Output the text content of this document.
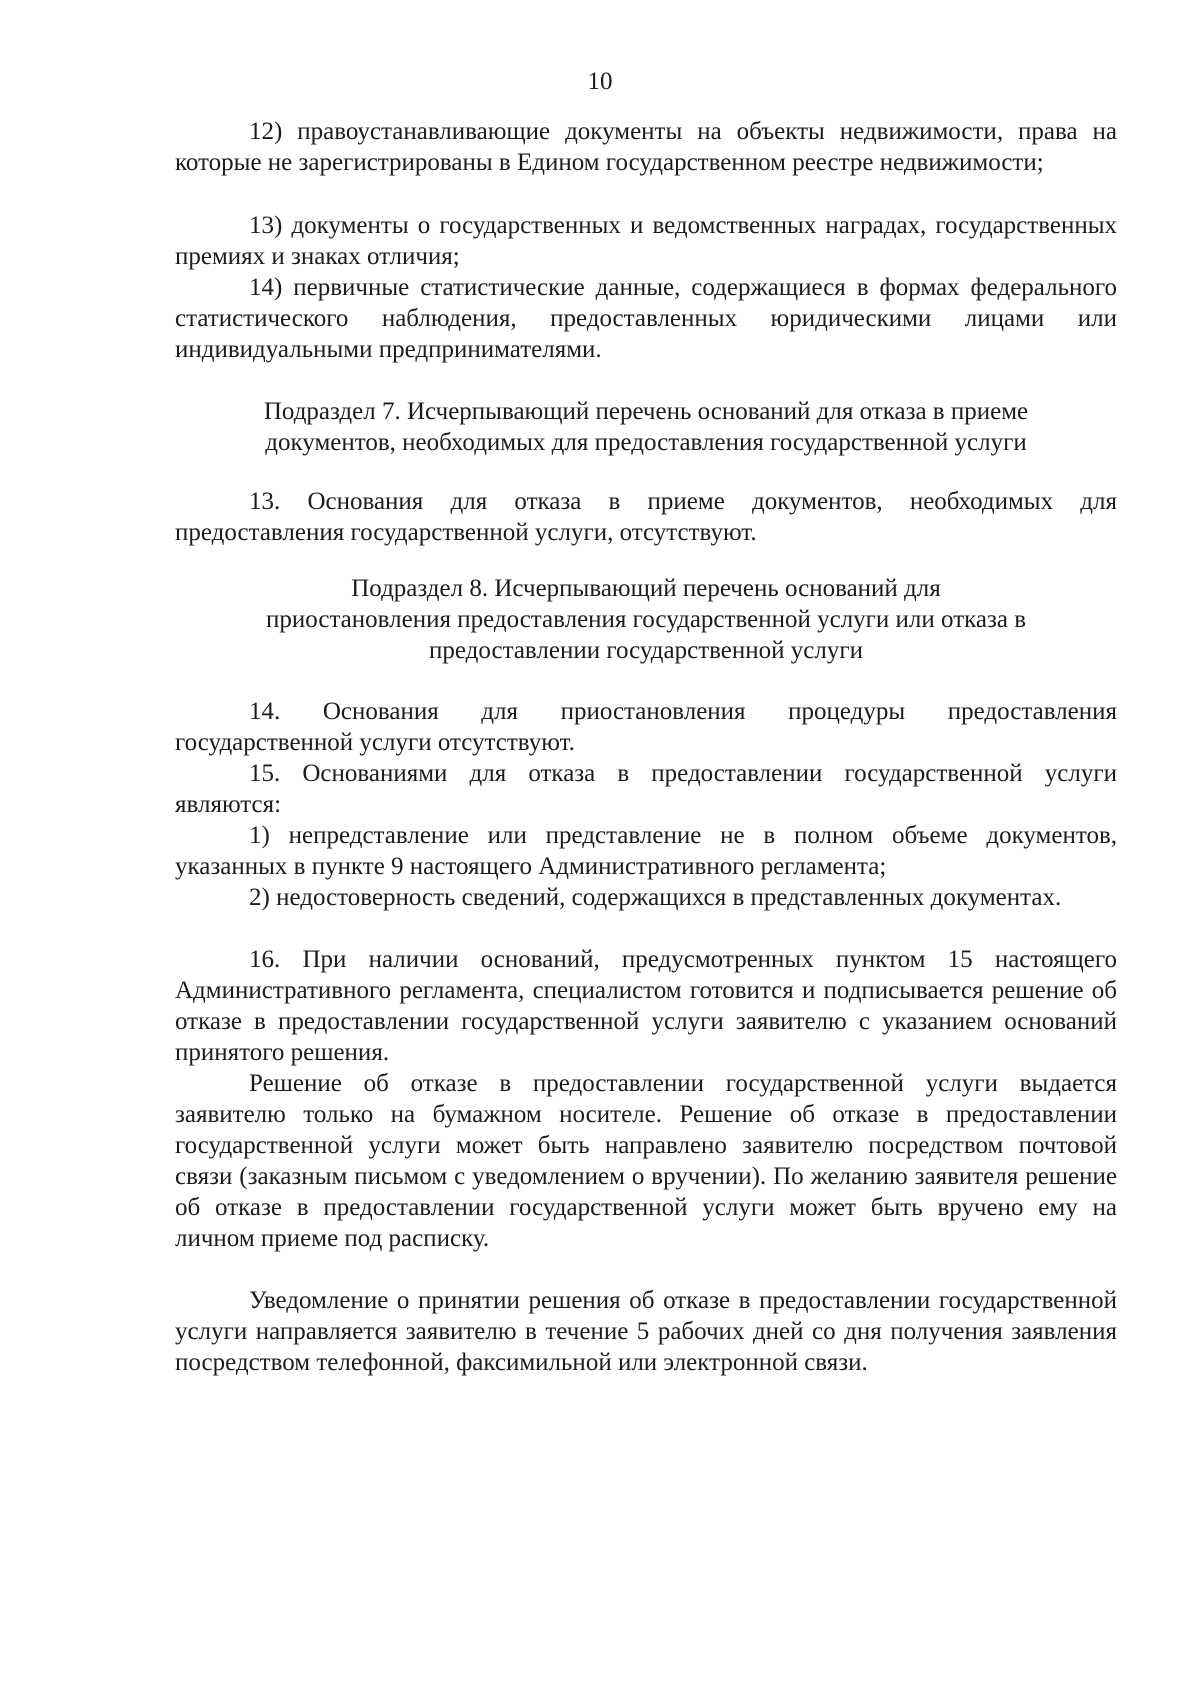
10

12) правоустанавливающие документы на объекты недвижимости, права на которые не зарегистрированы в Едином государственном реестре недвижимости;

13) документы о государственных и ведомственных наградах, государственных премиях и знаках отличия;

14) первичные статистические данные, содержащиеся в формах федерального статистического наблюдения, предоставленных юридическими лицами или индивидуальными предпринимателями.

Подраздел 7. Исчерпывающий перечень оснований для отказа в приеме

документов, необходимых для предоставления государственной услуги

13. Основания для отказа в приеме документов, необходимых для предоставления государственной услуги, отсутствуют.

Подраздел 8. Исчерпывающий перечень оснований для

приостановления предоставления государственной услуги или отказа в

предоставлении государственной услуги

14. Основания для приостановления процедуры предоставления государственной услуги отсутствуют.

15. Основаниями для отказа в предоставлении государственной услуги являются:

1) непредставление или представление не в полном объеме документов, указанных в пункте 9 настоящего Административного регламента;

2) недостоверность сведений, содержащихся в представленных документах.

16. При наличии оснований, предусмотренных пунктом 15 настоящего Административного регламента, специалистом готовится и подписывается решение об отказе в предоставлении государственной услуги заявителю с указанием оснований принятого решения.

Решение об отказе в предоставлении государственной услуги выдается заявителю только на бумажном носителе. Решение об отказе в предоставлении государственной услуги может быть направлено заявителю посредством почтовой связи (заказным письмом с уведомлением о вручении). По желанию заявителя решение об отказе в предоставлении государственной услуги может быть вручено ему на личном приеме под расписку.

Уведомление о принятии решения об отказе в предоставлении государственной услуги направляется заявителю в течение 5 рабочих дней со дня получения заявления посредством телефонной, факсимильной или электронной связи.
